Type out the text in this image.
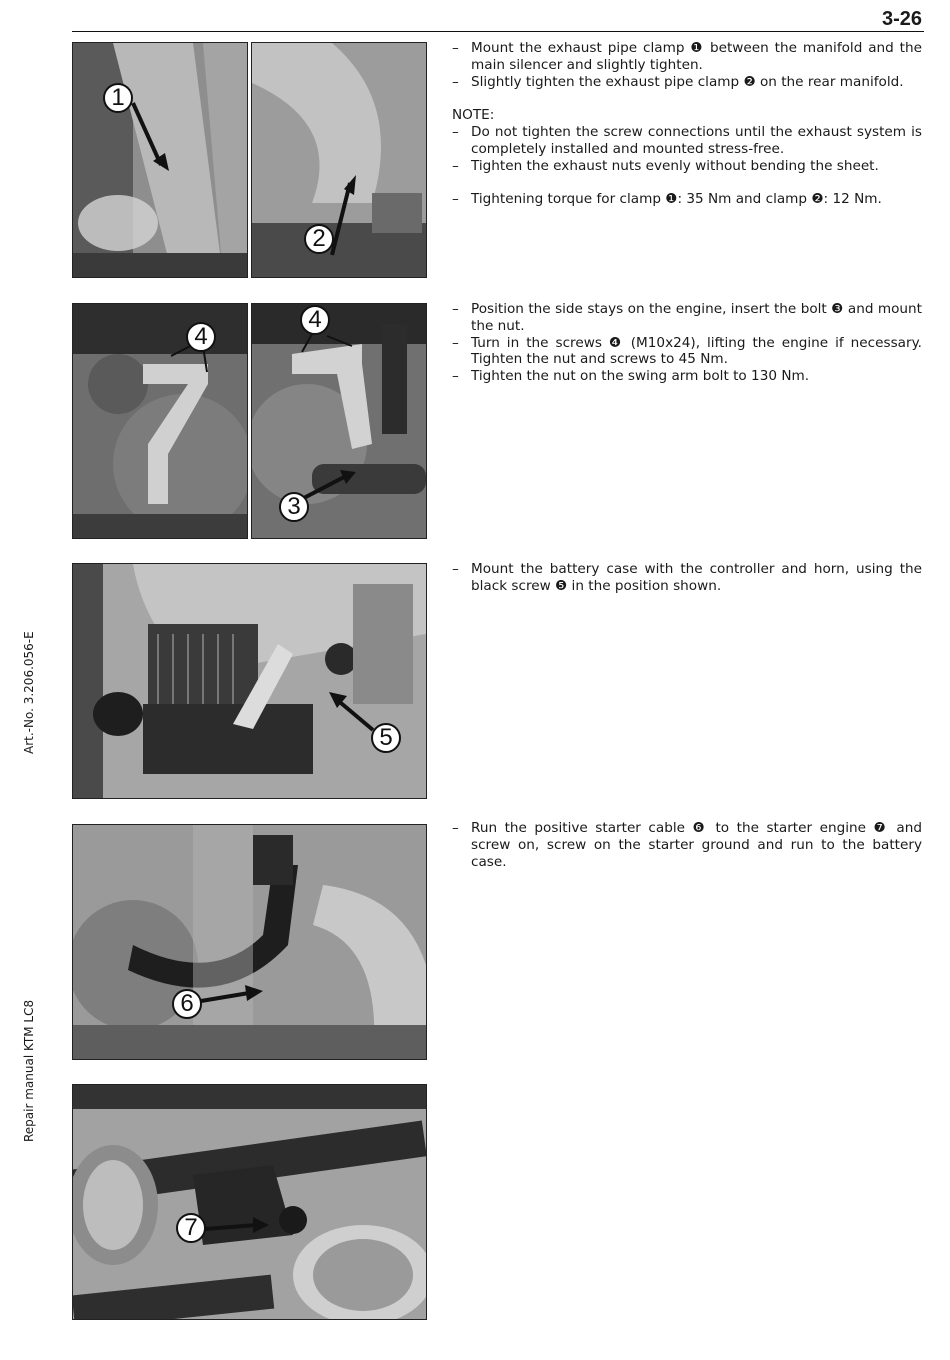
3-26
Art.-No. 3.206.056-E
Repair manual KTM LC8
1
2
4
4
3
5
6
7
– Mount the exhaust pipe clamp ❶ between the manifold and the main silencer and slightly tighten.
– Slightly tighten the exhaust pipe clamp ❷ on the rear manifold.
NOTE:
– Do not tighten the screw connections until the exhaust system is completely installed and mounted stress-free.
– Tighten the exhaust nuts evenly without bending the sheet.
– Tightening torque for clamp ❶: 35 Nm and clamp ❷: 12 Nm.
– Position the side stays on the engine, insert the bolt ❸ and mount the nut.
– Turn in the screws ❹ (M10x24), lifting the engine if necessary. Tighten the nut and screws to 45 Nm.
– Tighten the nut on the swing arm bolt to 130 Nm.
– Mount the battery case with the controller and horn, using the black screw ❺ in the position shown.
– Run the positive starter cable ❻ to the starter engine ❼ and screw on, screw on the starter ground and run to the battery case.
